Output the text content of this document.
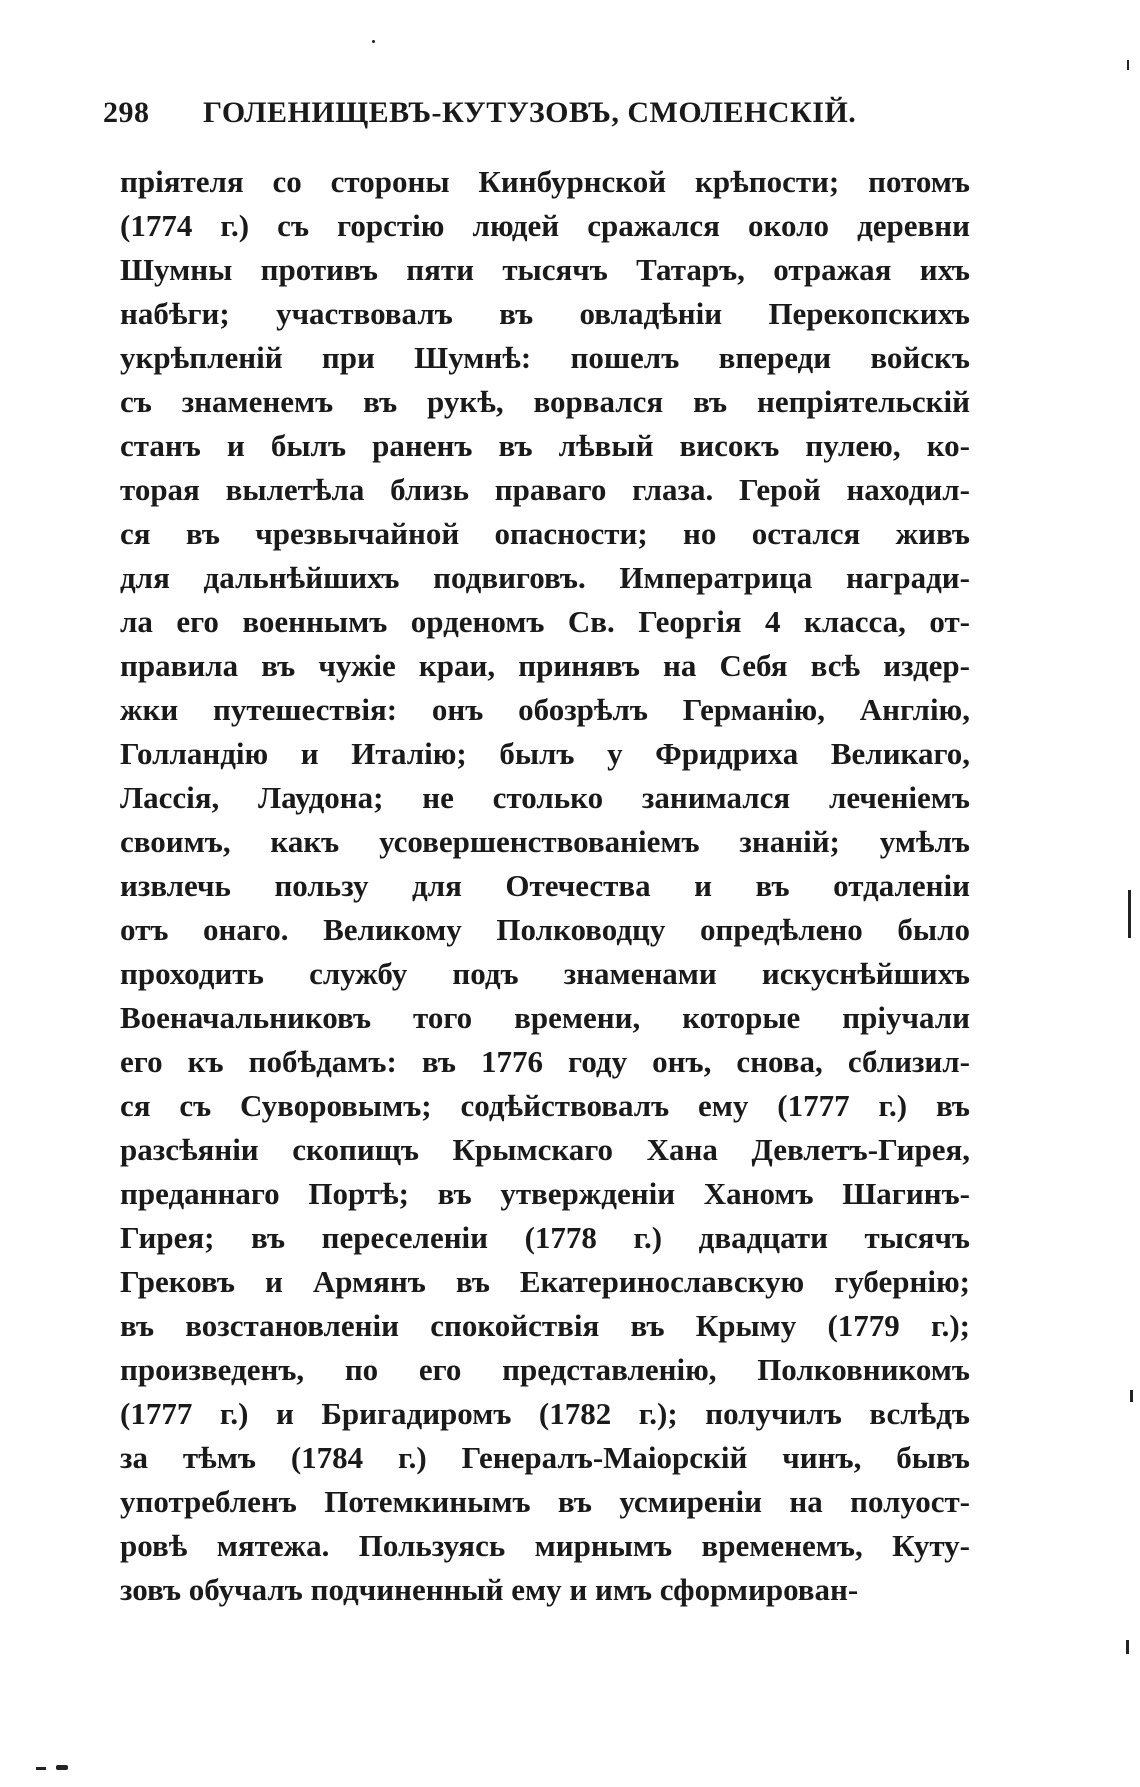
298 ГОЛЕНИЩЕВЪ-КУТУЗОВЪ, СМОЛЕНСКІЙ.
пріятеля со стороны Кинбурнской крѣпости; потомъ
(1774 г.) съ горстію людей сражался около деревни
Шумны противъ пяти тысячъ Татаръ, отражая ихъ
набѣги; участвовалъ въ овладѣніи Перекопскихъ
укрѣпленій при Шумнѣ: пошелъ впереди войскъ
съ знаменемъ въ рукѣ, ворвался въ непріятельскій
станъ и былъ раненъ въ лѣвый високъ пулею, ко-
торая вылетѣла близь праваго глаза. Герой находил-
ся въ чрезвычайной опасности; но остался живъ
для дальнѣйшихъ подвиговъ. Императрица награди-
ла его военнымъ орденомъ Св. Георгія 4 класса, от-
правила въ чужіе краи, принявъ на Себя всѣ издер-
жки путешествія: онъ обозрѣлъ Германію, Англію,
Голландію и Италію; былъ у Фридриха Великаго,
Лассія, Лаудона; не столько занимался леченіемъ
своимъ, какъ усовершенствованіемъ знаній; умѣлъ
извлечь пользу для Отечества и въ отдаленіи
отъ онаго. Великому Полководцу опредѣлено было
проходить службу подъ знаменами искуснѣйшихъ
Военачальниковъ того времени, которые пріучали
его къ побѣдамъ: въ 1776 году онъ, снова, сблизил-
ся съ Суворовымъ; содѣйствовалъ ему (1777 г.) въ
разсѣяніи скопищъ Крымскаго Хана Девлетъ-Гирея,
преданнаго Портѣ; въ утвержденіи Ханомъ Шагинъ-
Гирея; въ переселеніи (1778 г.) двадцати тысячъ
Грековъ и Армянъ въ Екатеринославскую губернію;
въ возстановленіи спокойствія въ Крыму (1779 г.);
произведенъ, по его представленію, Полковникомъ
(1777 г.) и Бригадиромъ (1782 г.); получилъ вслѣдъ
за тѣмъ (1784 г.) Генералъ-Маіорскій чинъ, бывъ
употребленъ Потемкинымъ въ усмиреніи на полуост-
ровѣ мятежа. Пользуясь мирнымъ временемъ, Куту-
зовъ обучалъ подчиненный ему и имъ сформирован-
